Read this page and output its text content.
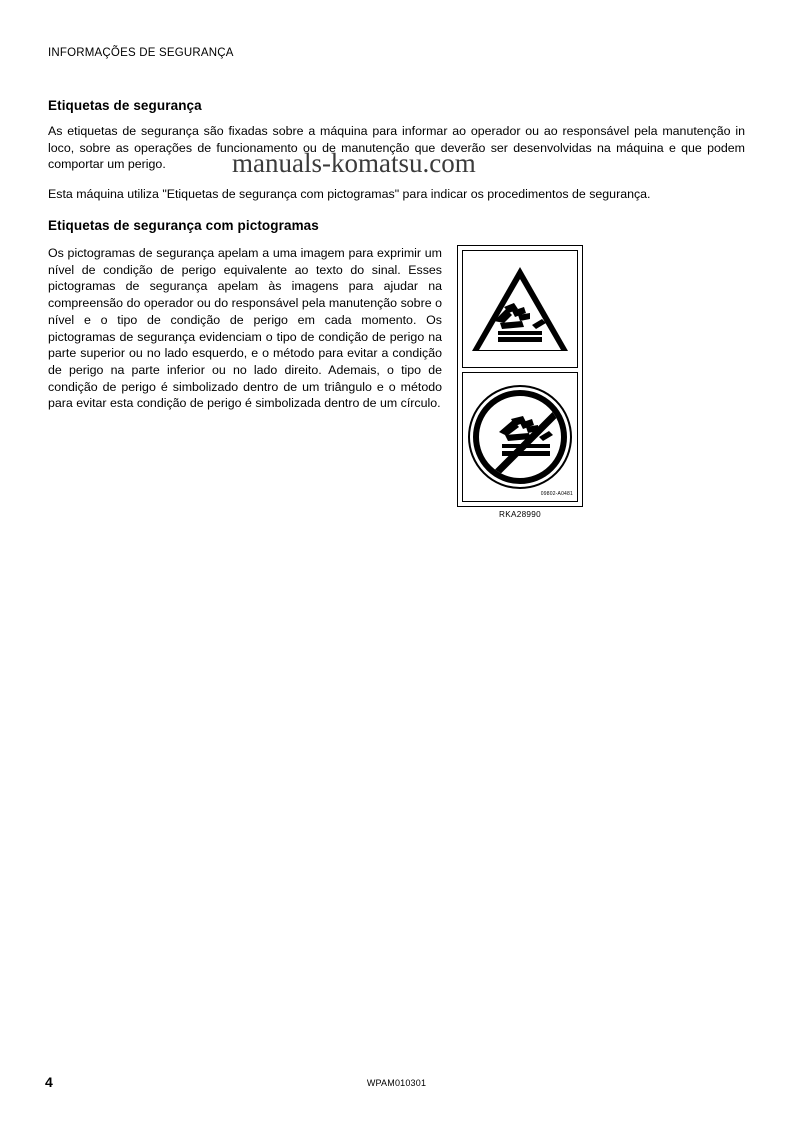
INFORMAÇÕES DE SEGURANÇA
Etiquetas de segurança

As etiquetas de segurança são fixadas sobre a máquina para informar ao operador ou ao responsável pela manutenção in loco, sobre as operações de funcionamento ou de manutenção que deverão ser desenvolvidas na máquina e que podem comportar um perigo.

Esta máquina utiliza "Etiquetas de segurança com pictogramas" para indicar os procedimentos de segurança.

Etiquetas de segurança com pictogramas
Os pictogramas de segurança apelam a uma imagem para exprimir um nível de condição de perigo equivalente ao texto do sinal. Esses pictogramas de segurança apelam às imagens para ajudar na compreensão do operador ou do responsável pela manutenção sobre o nível e o tipo de condição de perigo em cada momento. Os pictogramas de segurança evidenciam o tipo de condição de perigo na parte superior ou no lado esquerdo, e o método para evitar a condição de perigo na parte inferior ou no lado direito. Ademais, o tipo de condição de perigo é simbolizado dentro de um triângulo e o método para evitar esta condição de perigo é simbolizada dentro de um círculo.
09802-A0481
RKA28990
manuals-komatsu.com
4	WPAM010301
